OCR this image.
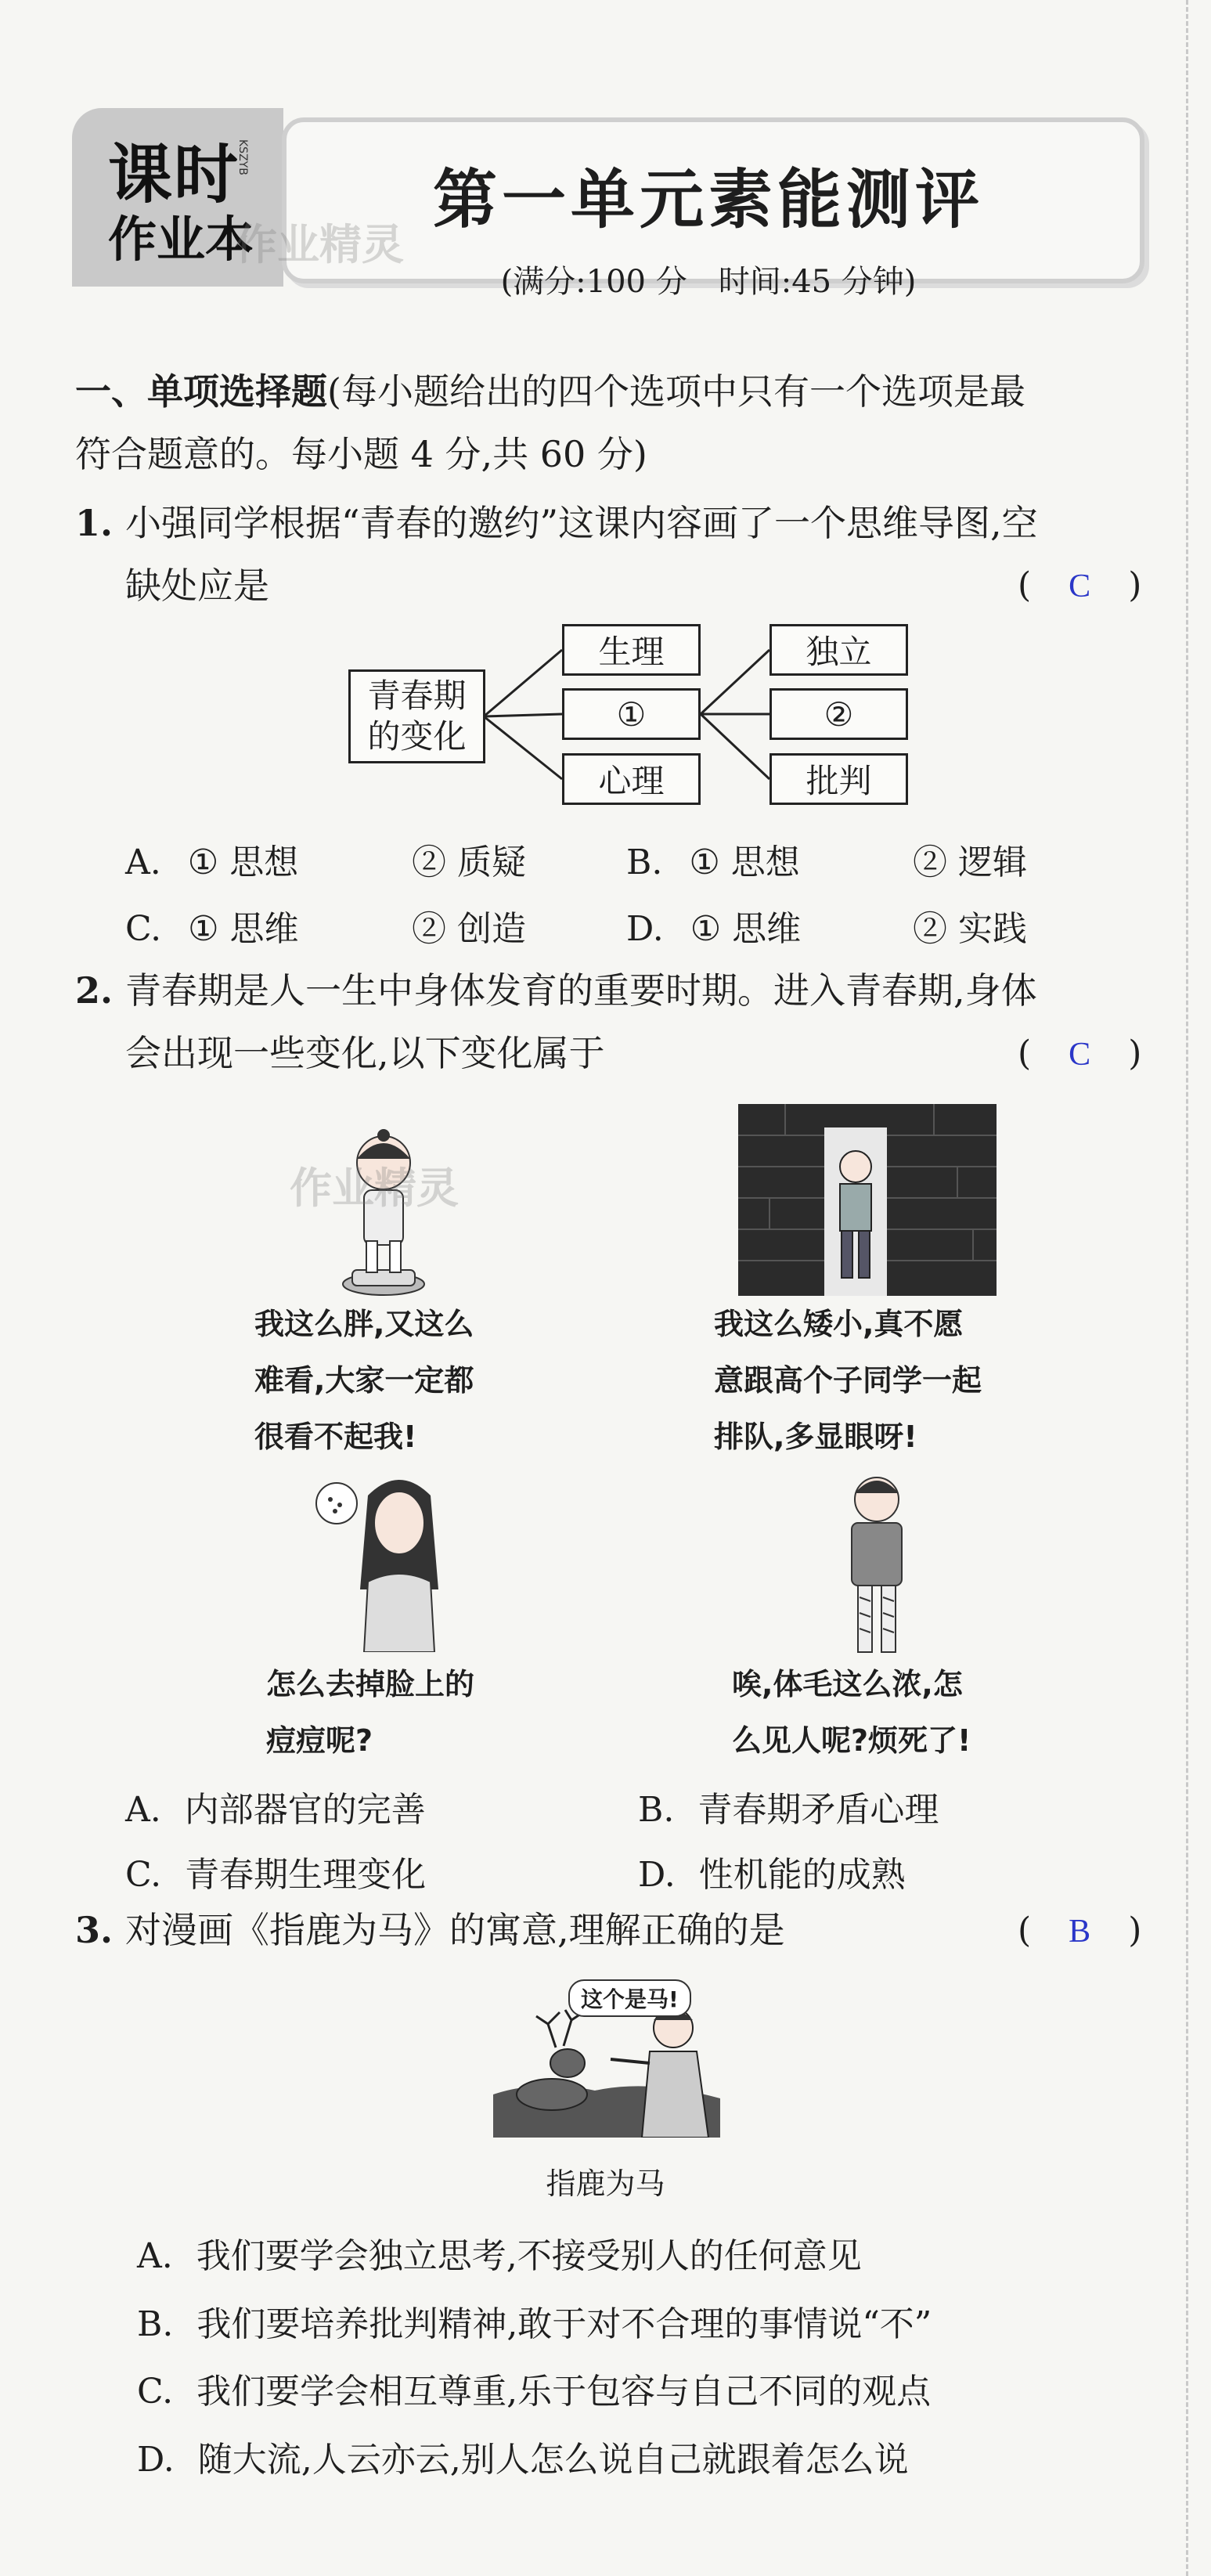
课时
作业本
KSZYB
第一单元素能测评
(满分:100 分　时间:45 分钟)
作业精灵
一、单项选择题(每小题给出的四个选项中只有一个选项是最
符合题意的。每小题 4 分,共 60 分)
1. 小强同学根据“青春的邀约”这课内容画了一个思维导图,空
缺处应是	( C )
青春期
的变化
生理
①
心理
独立
②
批判
A. ① 思想	② 质疑	B. ① 思想	② 逻辑
C. ① 思维	② 创造	D. ① 思维	② 实践
2. 青春期是人一生中身体发育的重要时期。进入青春期,身体
会出现一些变化,以下变化属于	( C )
作业精灵
我这么胖,又这么
难看,大家一定都
很看不起我!
我这么矮小,真不愿
意跟高个子同学一起
排队,多显眼呀!
怎么去掉脸上的
痘痘呢?
唉,体毛这么浓,怎
么见人呢?烦死了!
A. 内部器官的完善	B. 青春期矛盾心理
C. 青春期生理变化	D. 性机能的成熟
3. 对漫画《指鹿为马》的寓意,理解正确的是	( B )
这个是马!
指鹿为马
A. 我们要学会独立思考,不接受别人的任何意见
B. 我们要培养批判精神,敢于对不合理的事情说“不”
C. 我们要学会相互尊重,乐于包容与自己不同的观点
D. 随大流,人云亦云,别人怎么说自己就跟着怎么说
